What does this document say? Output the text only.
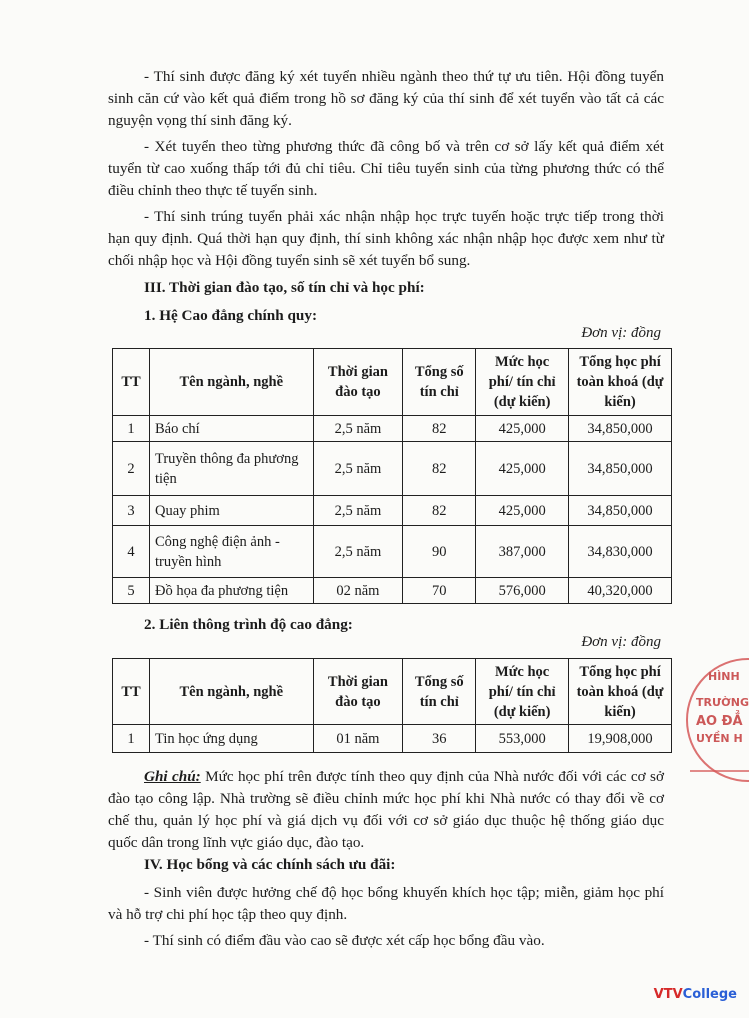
- Thí sinh được đăng ký xét tuyển nhiều ngành theo thứ tự ưu tiên. Hội đồng tuyển sinh căn cứ vào kết quả điểm trong hồ sơ đăng ký của thí sinh để xét tuyển vào tất cả các nguyện vọng thí sinh đăng ký.
- Xét tuyển theo từng phương thức đã công bố và trên cơ sở lấy kết quả điểm xét tuyển từ cao xuống thấp tới đủ chỉ tiêu. Chỉ tiêu tuyển sinh của từng phương thức có thể điều chỉnh theo thực tế tuyển sinh.
- Thí sinh trúng tuyển phải xác nhận nhập học trực tuyến hoặc trực tiếp trong thời hạn quy định. Quá thời hạn quy định, thí sinh không xác nhận nhập học được xem như từ chối nhập học và Hội đồng tuyển sinh sẽ xét tuyển bổ sung.
III. Thời gian đào tạo, số tín chỉ và học phí:
1. Hệ Cao đẳng chính quy:
Đơn vị: đồng
TT	Tên ngành, nghề	Thời gian đào tạo	Tổng số tín chỉ	Mức học phí/ tín chỉ (dự kiến)	Tổng học phí toàn khoá (dự kiến)
1	Báo chí	2,5 năm	82	425,000	34,850,000
2	Truyền thông đa phương tiện	2,5 năm	82	425,000	34,850,000
3	Quay phim	2,5 năm	82	425,000	34,850,000
4	Công nghệ điện ảnh - truyền hình	2,5 năm	90	387,000	34,830,000
5	Đồ họa đa phương tiện	02 năm	70	576,000	40,320,000
2. Liên thông trình độ cao đẳng:
Đơn vị: đồng
TT	Tên ngành, nghề	Thời gian đào tạo	Tổng số tín chỉ	Mức học phí/ tín chỉ (dự kiến)	Tổng học phí toàn khoá (dự kiến)
1	Tin học ứng dụng	01 năm	36	553,000	19,908,000
Ghi chú: Mức học phí trên được tính theo quy định của Nhà nước đối với các cơ sở đào tạo công lập. Nhà trường sẽ điều chỉnh mức học phí khi Nhà nước có thay đổi về cơ chế thu, quản lý học phí và giá dịch vụ đối với cơ sở giáo dục thuộc hệ thống giáo dục quốc dân trong lĩnh vực giáo dục, đào tạo.
IV. Học bổng và các chính sách ưu đãi:
- Sinh viên được hưởng chế độ học bổng khuyến khích học tập; miễn, giảm học phí và hỗ trợ chi phí học tập theo quy định.
- Thí sinh có điểm đầu vào cao sẽ được xét cấp học bổng đầu vào.
HÌNH
TRƯỜNG
AO ĐẲ
UYỀN H
VTVCollege
